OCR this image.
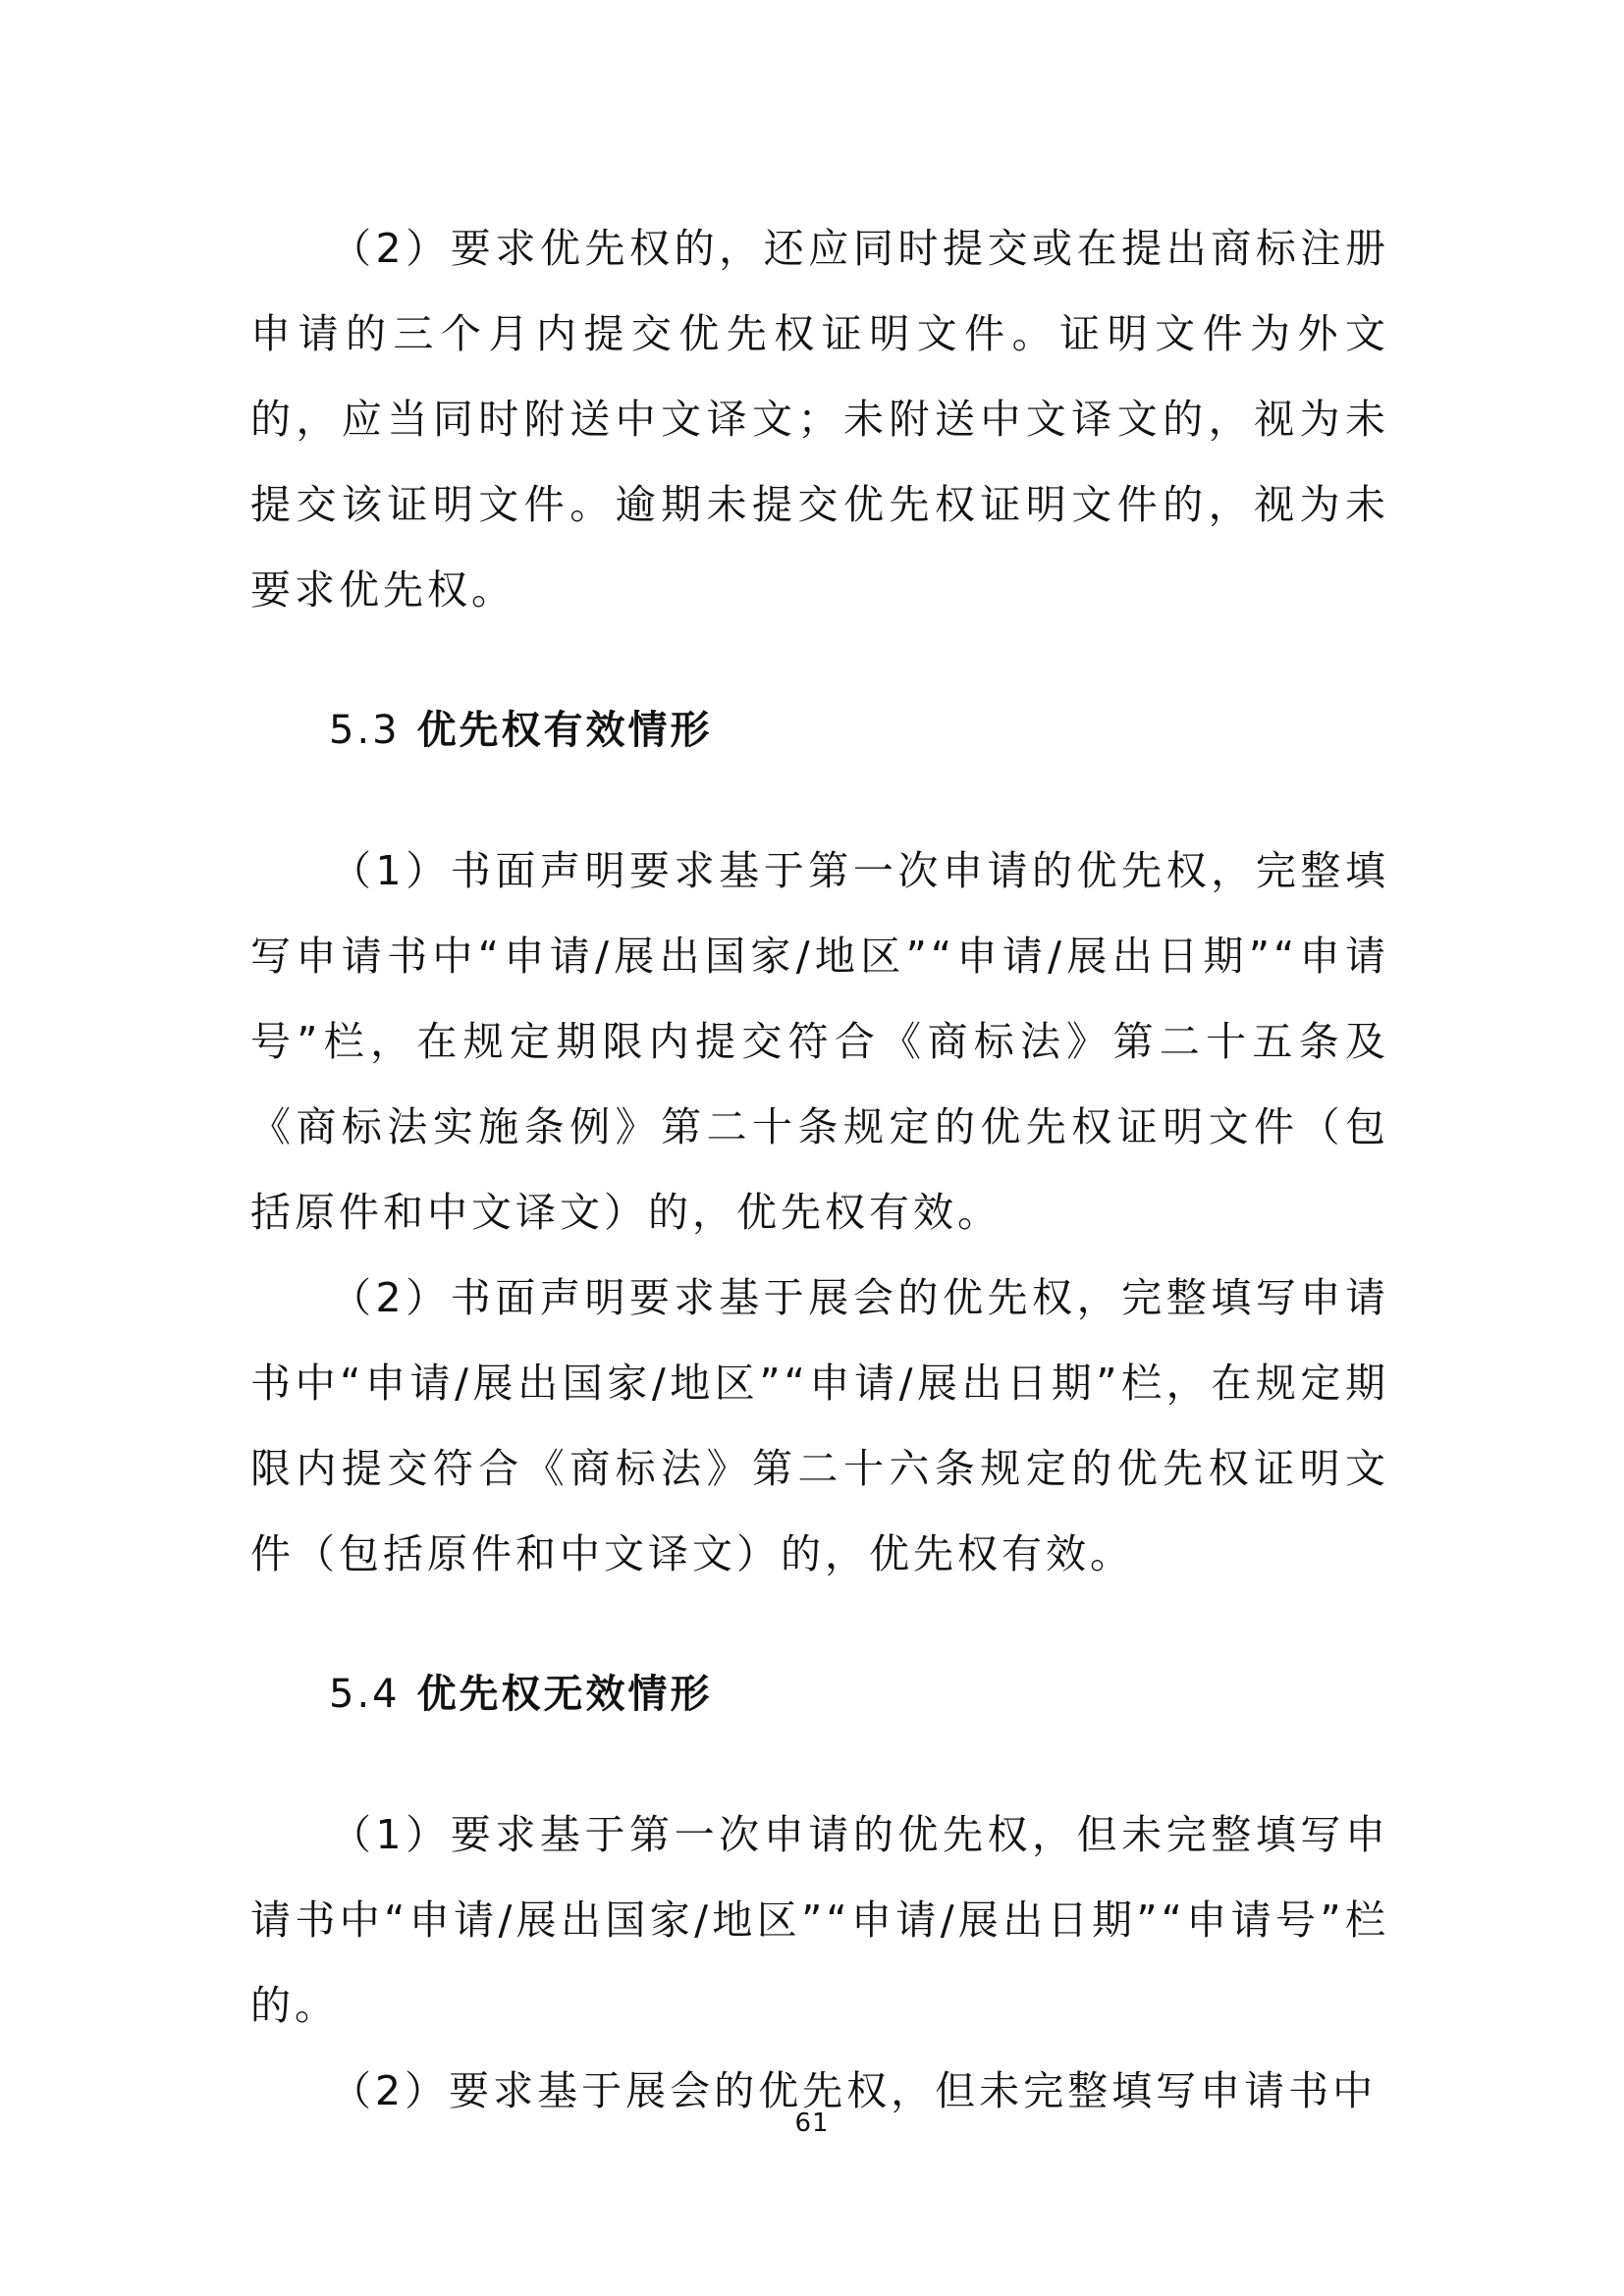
（2）要求优先权的，还应同时提交或在提出商标注册申请的三个月内提交优先权证明文件。证明文件为外文的，应当同时附送中文译文；未附送中文译文的，视为未提交该证明文件。逾期未提交优先权证明文件的，视为未要求优先权。

5.3 优先权有效情形

（1）书面声明要求基于第一次申请的优先权，完整填写申请书中“申请/展出国家/地区”“申请/展出日期”“申请号”栏，在规定期限内提交符合《商标法》第二十五条及《商标法实施条例》第二十条规定的优先权证明文件（包括原件和中文译文）的，优先权有效。

（2）书面声明要求基于展会的优先权，完整填写申请书中“申请/展出国家/地区”“申请/展出日期”栏，在规定期限内提交符合《商标法》第二十六条规定的优先权证明文件（包括原件和中文译文）的，优先权有效。

5.4 优先权无效情形

（1）要求基于第一次申请的优先权，但未完整填写申请书中“申请/展出国家/地区”“申请/展出日期”“申请号”栏的。

（2）要求基于展会的优先权，但未完整填写申请书中

61
